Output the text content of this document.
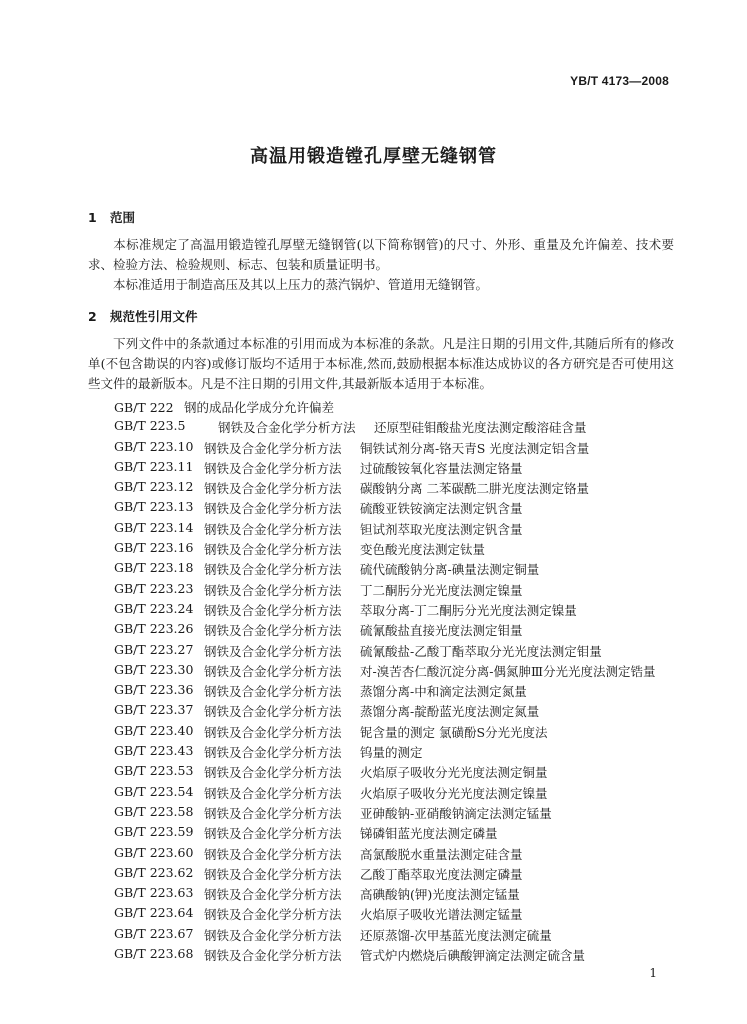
YB/T 4173—2008
高温用锻造镗孔厚壁无缝钢管
1 范围
本标准规定了高温用锻造镗孔厚壁无缝钢管(以下简称钢管)的尺寸、外形、重量及允许偏差、技术要求、检验方法、检验规则、标志、包装和质量证明书。
本标准适用于制造高压及其以上压力的蒸汽锅炉、管道用无缝钢管。
2 规范性引用文件
下列文件中的条款通过本标准的引用而成为本标准的条款。凡是注日期的引用文件,其随后所有的修改单(不包含勘误的内容)或修订版均不适用于本标准,然而,鼓励根据本标准达成协议的各方研究是否可使用这些文件的最新版本。凡是不注日期的引用文件,其最新版本适用于本标准。
GB/T 222 钢的成品化学成分允许偏差
GB/T 223.5	钢铁及合金化学分析方法 还原型硅钼酸盐光度法测定酸溶硅含量
GB/T 223.10 钢铁及合金化学分析方法 铜铁试剂分离-铬天青S 光度法测定铝含量
GB/T 223.11 钢铁及合金化学分析方法 过硫酸铵氧化容量法测定铬量
GB/T 223.12 钢铁及合金化学分析方法 碳酸钠分离 二苯碳酰二肼光度法测定铬量
GB/T 223.13 钢铁及合金化学分析方法 硫酸亚铁铵滴定法测定钒含量
GB/T 223.14 钢铁及合金化学分析方法 钽试剂萃取光度法测定钒含量
GB/T 223.16 钢铁及合金化学分析方法 变色酸光度法测定钛量
GB/T 223.18 钢铁及合金化学分析方法 硫代硫酸钠分离-碘量法测定铜量
GB/T 223.23 钢铁及合金化学分析方法 丁二酮肟分光光度法测定镍量
GB/T 223.24 钢铁及合金化学分析方法 萃取分离-丁二酮肟分光光度法测定镍量
GB/T 223.26 钢铁及合金化学分析方法 硫氰酸盐直接光度法测定钼量
GB/T 223.27 钢铁及合金化学分析方法 硫氰酸盐-乙酸丁酯萃取分光光度法测定钼量
GB/T 223.30 钢铁及合金化学分析方法 对-溴苦杏仁酸沉淀分离-偶氮胂Ⅲ分光光度法测定锆量
GB/T 223.36 钢铁及合金化学分析方法 蒸馏分离-中和滴定法测定氮量
GB/T 223.37 钢铁及合金化学分析方法 蒸馏分离-靛酚蓝光度法测定氮量
GB/T 223.40 钢铁及合金化学分析方法 铌含量的测定 氯磺酚S分光光度法
GB/T 223.43 钢铁及合金化学分析方法 钨量的测定
GB/T 223.53 钢铁及合金化学分析方法 火焰原子吸收分光光度法测定铜量
GB/T 223.54 钢铁及合金化学分析方法 火焰原子吸收分光光度法测定镍量
GB/T 223.58 钢铁及合金化学分析方法 亚砷酸钠-亚硝酸钠滴定法测定锰量
GB/T 223.59 钢铁及合金化学分析方法 锑磷钼蓝光度法测定磷量
GB/T 223.60 钢铁及合金化学分析方法 高氯酸脱水重量法测定硅含量
GB/T 223.62 钢铁及合金化学分析方法 乙酸丁酯萃取光度法测定磷量
GB/T 223.63 钢铁及合金化学分析方法 高碘酸钠(钾)光度法测定锰量
GB/T 223.64 钢铁及合金化学分析方法 火焰原子吸收光谱法测定锰量
GB/T 223.67 钢铁及合金化学分析方法 还原蒸馏-次甲基蓝光度法测定硫量
GB/T 223.68 钢铁及合金化学分析方法 管式炉内燃烧后碘酸钾滴定法测定硫含量
1
